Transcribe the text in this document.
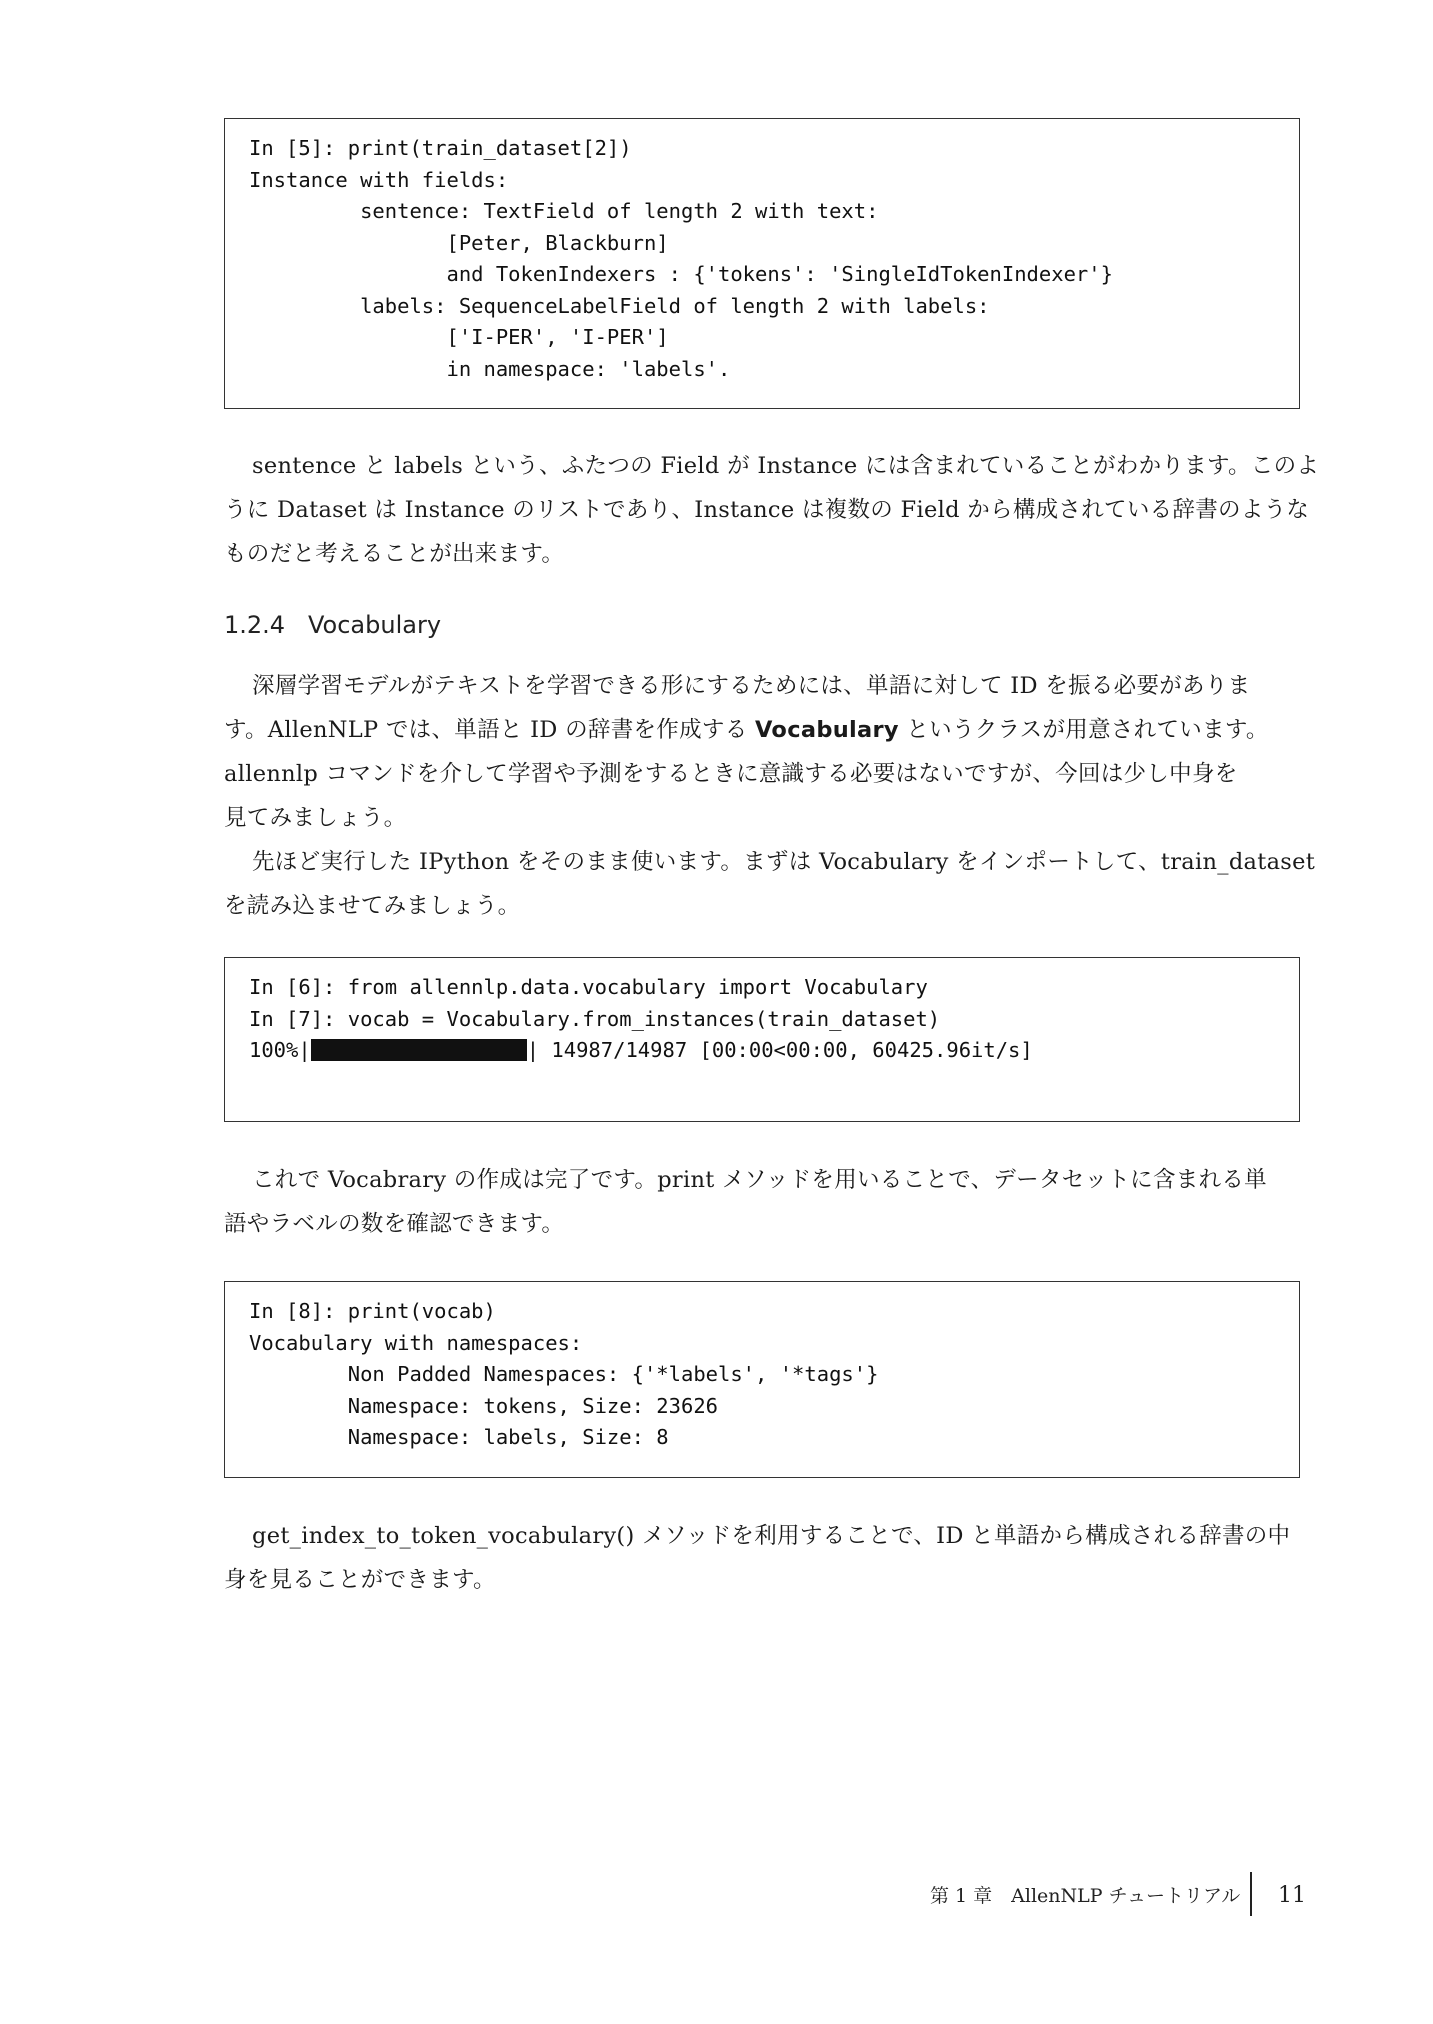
In [5]: print(train_dataset[2])
Instance with fields:
sentence: TextField of length 2 with text:
[Peter, Blackburn]
and TokenIndexers : {'tokens': 'SingleIdTokenIndexer'}
labels: SequenceLabelField of length 2 with labels:
['I-PER', 'I-PER']
in namespace: 'labels'.
sentence と labels という、ふたつの Field が Instance には含まれていることがわかります。このよ
うに Dataset は Instance のリストであり、Instance は複数の Field から構成されている辞書のような
ものだと考えることが出来ます。
1.2.4 Vocabulary
深層学習モデルがテキストを学習できる形にするためには、単語に対して ID を振る必要がありま
す。AllenNLP では、単語と ID の辞書を作成する Vocabulary というクラスが用意されています。
allennlp コマンドを介して学習や予測をするときに意識する必要はないですが、今回は少し中身を
見てみましょう。
先ほど実行した IPython をそのまま使います。まずは Vocabulary をインポートして、train_dataset
を読み込ませてみましょう。
In [6]: from allennlp.data.vocabulary import Vocabulary
In [7]: vocab = Vocabulary.from_instances(train_dataset)
100%|	| 14987/14987 [00:00<00:00, 60425.96it/s]
これで Vocabrary の作成は完了です。print メソッドを用いることで、データセットに含まれる単
語やラベルの数を確認できます。
In [8]: print(vocab)
Vocabulary with namespaces:
Non Padded Namespaces: {'*labels', '*tags'}
Namespace: tokens, Size: 23626
Namespace: labels, Size: 8
get_index_to_token_vocabulary() メソッドを利用することで、ID と単語から構成される辞書の中
身を見ることができます。
第 1 章　AllenNLP チュートリアル 11
